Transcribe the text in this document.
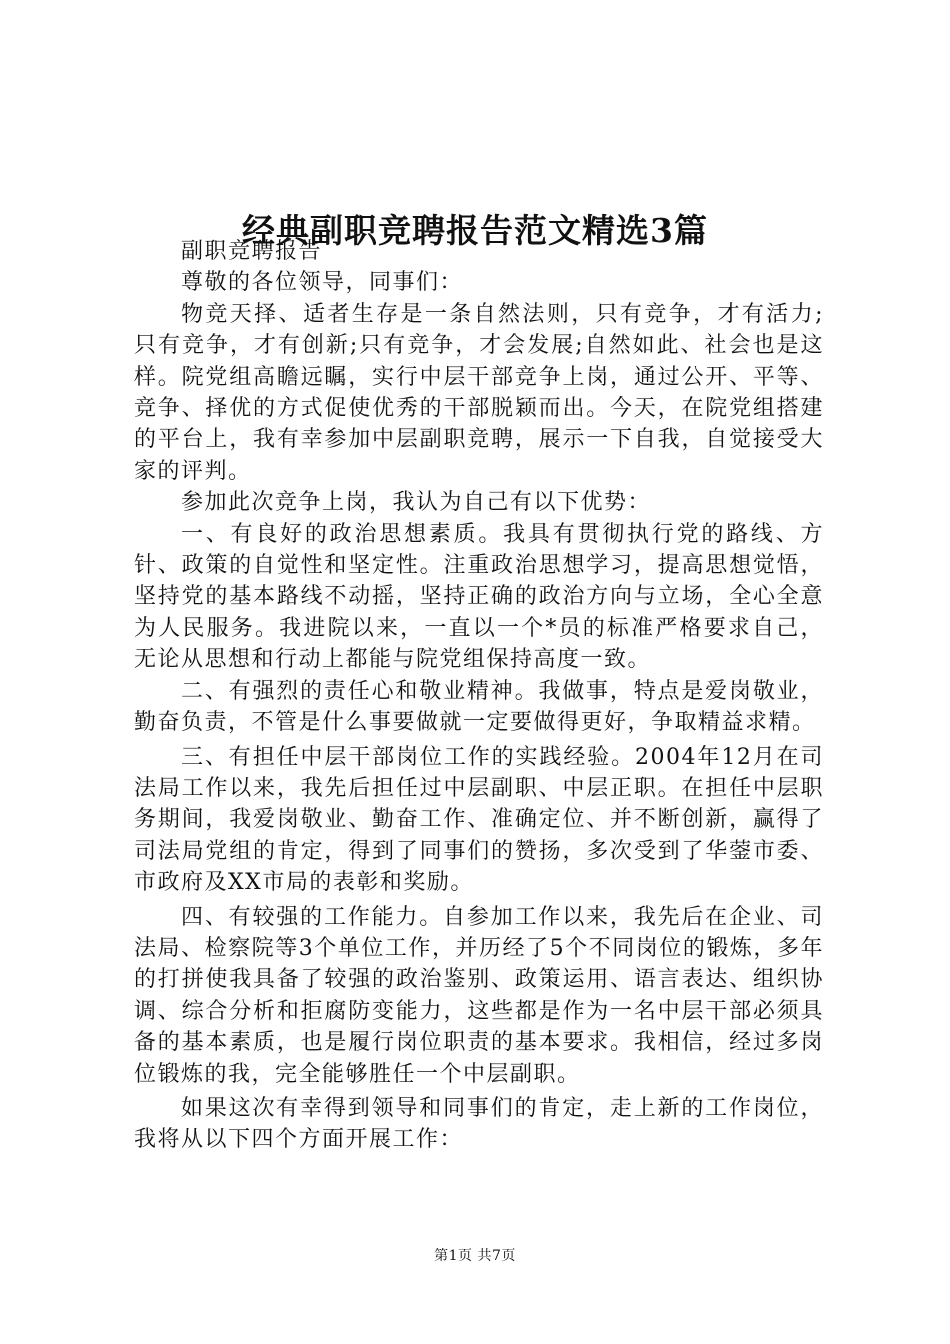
经典副职竞聘报告范文精选3篇

副职竞聘报告

尊敬的各位领导，同事们：

物竞天择、适者生存是一条自然法则，只有竞争，才有活力;只有竞争，才有创新;只有竞争，才会发展;自然如此、社会也是这样。院党组高瞻远瞩，实行中层干部竞争上岗，通过公开、平等、竞争、择优的方式促使优秀的干部脱颖而出。今天，在院党组搭建的平台上，我有幸参加中层副职竞聘，展示一下自我，自觉接受大家的评判。

参加此次竞争上岗，我认为自己有以下优势：

一、有良好的政治思想素质。我具有贯彻执行党的路线、方针、政策的自觉性和坚定性。注重政治思想学习，提高思想觉悟，坚持党的基本路线不动摇，坚持正确的政治方向与立场，全心全意为人民服务。我进院以来，一直以一个*员的标准严格要求自己，无论从思想和行动上都能与院党组保持高度一致。

二、有强烈的责任心和敬业精神。我做事，特点是爱岗敬业，勤奋负责，不管是什么事要做就一定要做得更好，争取精益求精。

三、有担任中层干部岗位工作的实践经验。2004年12月在司法局工作以来，我先后担任过中层副职、中层正职。在担任中层职务期间，我爱岗敬业、勤奋工作、准确定位、并不断创新，赢得了司法局党组的肯定，得到了同事们的赞扬，多次受到了华蓥市委、市政府及XX市局的表彰和奖励。

四、有较强的工作能力。自参加工作以来，我先后在企业、司法局、检察院等3个单位工作，并历经了5个不同岗位的锻炼，多年的打拼使我具备了较强的政治鉴别、政策运用、语言表达、组织协调、综合分析和拒腐防变能力，这些都是作为一名中层干部必须具备的基本素质，也是履行岗位职责的基本要求。我相信，经过多岗位锻炼的我，完全能够胜任一个中层副职。

如果这次有幸得到领导和同事们的肯定，走上新的工作岗位，我将从以下四个方面开展工作：

第1页 共7页
